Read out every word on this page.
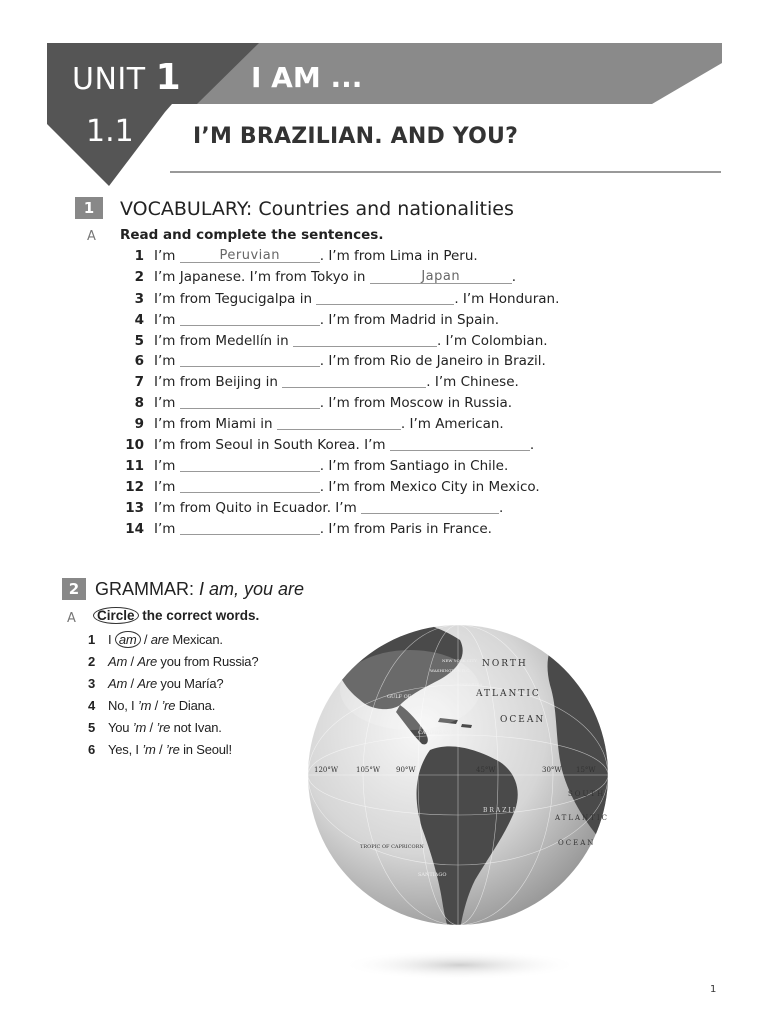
UNIT 1 I AM ...
1.1	I’M BRAZILIAN. AND YOU?
1	VOCABULARY: Countries and nationalities
A Read and complete the sentences.
1 I’m	Peruvian	. I’m from Lima in Peru.
2 I’m Japanese. I’m from Tokyo in	Japan	.
3 I’m from Tegucigalpa in	. I’m Honduran.
4 I’m	. I’m from Madrid in Spain.
5 I’m from Medellín in	. I’m Colombian.
6 I’m	. I’m from Rio de Janeiro in Brazil.
7 I’m from Beijing in	. I’m Chinese.
8 I’m	. I’m from Moscow in Russia.
9 I’m from Miami in	. I’m American.
10 I’m from Seoul in South Korea. I’m	.
11 I’m	. I’m from Santiago in Chile.
12 I’m	. I’m from Mexico City in Mexico.
13 I’m from Quito in Ecuador. I’m	.
14 I’m	. I’m from Paris in France.
2 GRAMMAR: I am, you are
A Circle the correct words.
1 I am / are Mexican.
2 Am / Are you from Russia?
3 Am / Are you María?
4 No, I ’m / ’re Diana.
5 You ’m / ’re not Ivan.
6 Yes, I ’m / ’re in Seoul!
NORTH
ATLANTIC
OCEAN
SOUTH
ATLANTIC
OCEAN
BRAZIL
CARIBBEAN SEA
GULF OF MEXICO
TROPIC OF CAPRICORN
NEW YORK CITY
WASHINGTON D.C.
BERMUDA
SANTIAGO
45°W	30°W 15°W
120°W	105°W 90°W
1
